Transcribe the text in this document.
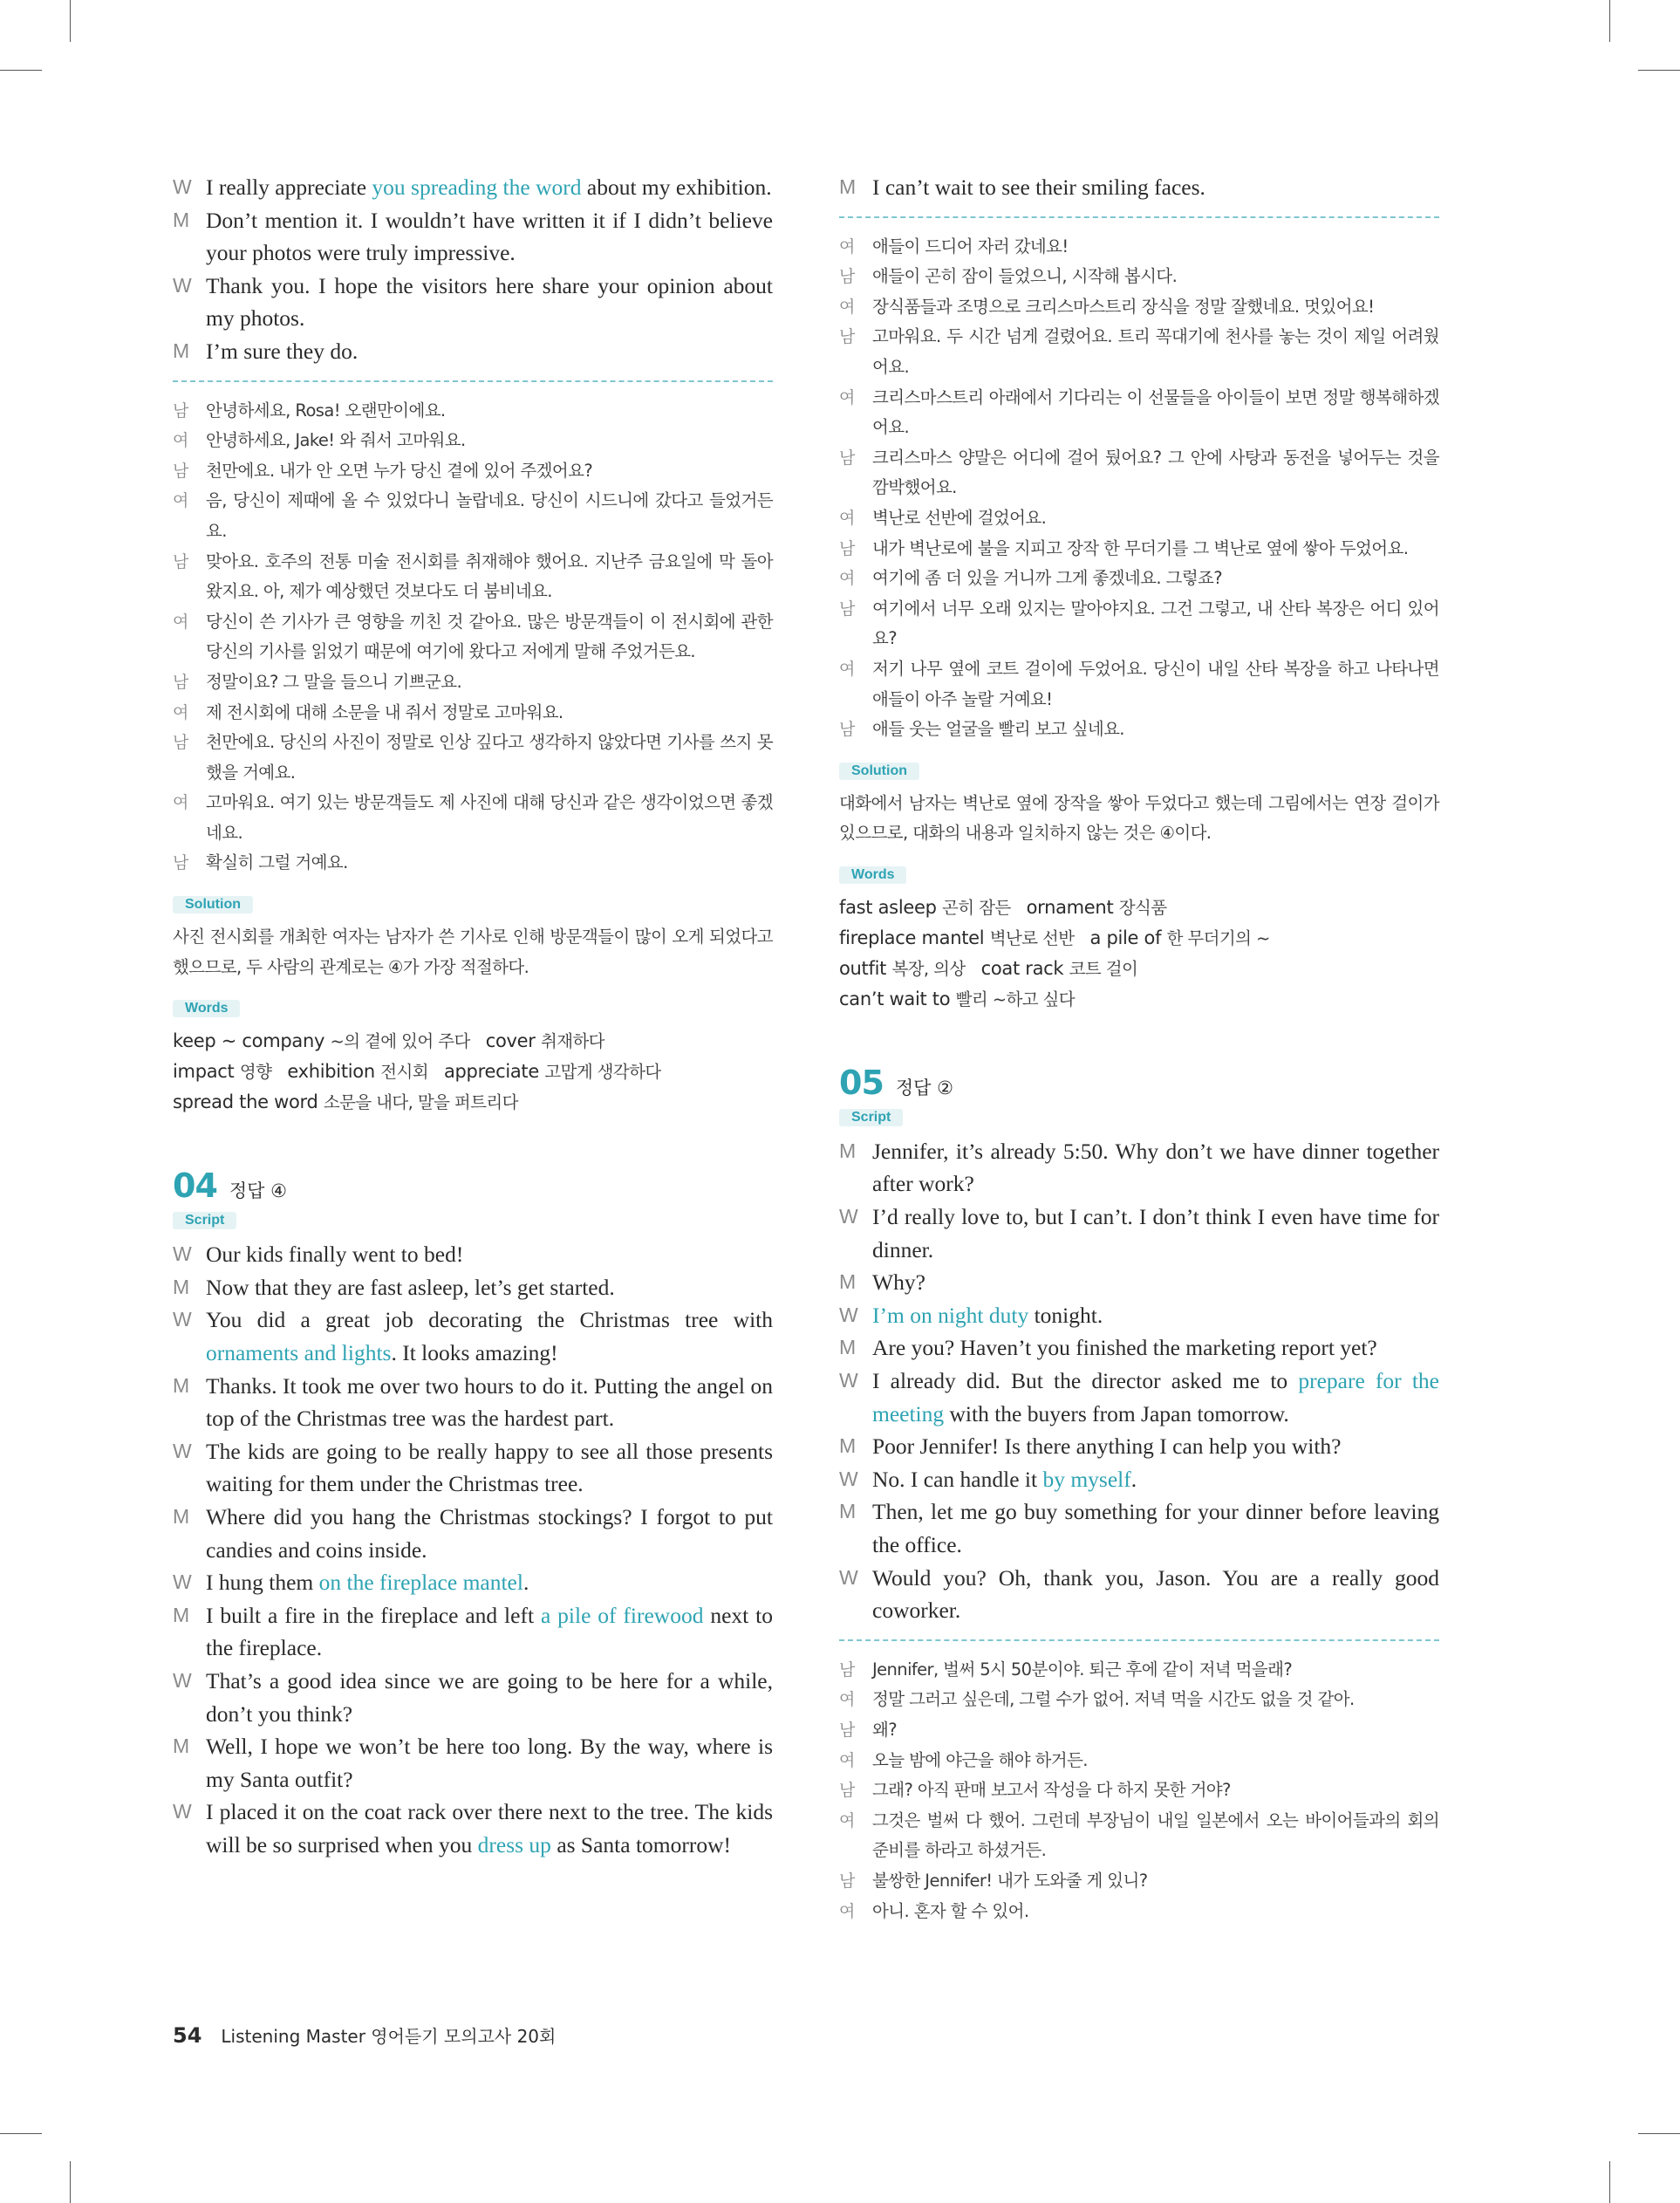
W I really appreciate you spreading the word about my exhibition.
M Don’t mention it. I wouldn’t have written it if I didn’t believe your photos were truly impressive.
W Thank you. I hope the visitors here share your opinion about my photos.
M I’m sure they do.
남 안녕하세요, Rosa! 오랜만이에요.
여 안녕하세요, Jake! 와 줘서 고마워요.
남 천만에요. 내가 안 오면 누가 당신 곁에 있어 주겠어요?
여 음, 당신이 제때에 올 수 있었다니 놀랍네요. 당신이 시드니에 갔다고 들었거든요.
남 맞아요. 호주의 전통 미술 전시회를 취재해야 했어요. 지난주 금요일에 막 돌아왔지요. 아, 제가 예상했던 것보다도 더 붐비네요.
여 당신이 쓴 기사가 큰 영향을 끼친 것 같아요. 많은 방문객들이 이 전시회에 관한 당신의 기사를 읽었기 때문에 여기에 왔다고 저에게 말해 주었거든요.
남 정말이요? 그 말을 들으니 기쁘군요.
여 제 전시회에 대해 소문을 내 줘서 정말로 고마워요.
남 천만에요. 당신의 사진이 정말로 인상 깊다고 생각하지 않았다면 기사를 쓰지 못했을 거예요.
여 고마워요. 여기 있는 방문객들도 제 사진에 대해 당신과 같은 생각이었으면 좋겠네요.
남 확실히 그럴 거예요.
Solution
사진 전시회를 개최한 여자는 남자가 쓴 기사로 인해 방문객들이 많이 오게 되었다고 했으므로, 두 사람의 관계로는 ④가 가장 적절하다.
Words
keep ~ company ~의 곁에 있어 주다 cover 취재하다
impact 영향 exhibition 전시회 appreciate 고맙게 생각하다
spread the word 소문을 내다, 말을 퍼트리다
04 정답 ④
Script
W Our kids finally went to bed!
M Now that they are fast asleep, let’s get started.
W You did a great job decorating the Christmas tree with ornaments and lights. It looks amazing!
M Thanks. It took me over two hours to do it. Putting the angel on top of the Christmas tree was the hardest part.
W The kids are going to be really happy to see all those presents waiting for them under the Christmas tree.
M Where did you hang the Christmas stockings? I forgot to put candies and coins inside.
W I hung them on the fireplace mantel.
M I built a fire in the fireplace and left a pile of firewood next to the fireplace.
W That’s a good idea since we are going to be here for a while, don’t you think?
M Well, I hope we won’t be here too long. By the way, where is my Santa outfit?
W I placed it on the coat rack over there next to the tree. The kids will be so surprised when you dress up as Santa tomorrow!
M I can’t wait to see their smiling faces.
여 애들이 드디어 자러 갔네요!
남 애들이 곤히 잠이 들었으니, 시작해 봅시다.
여 장식품들과 조명으로 크리스마스트리 장식을 정말 잘했네요. 멋있어요!
남 고마워요. 두 시간 넘게 걸렸어요. 트리 꼭대기에 천사를 놓는 것이 제일 어려웠어요.
여 크리스마스트리 아래에서 기다리는 이 선물들을 아이들이 보면 정말 행복해하겠어요.
남 크리스마스 양말은 어디에 걸어 뒀어요? 그 안에 사탕과 동전을 넣어두는 것을 깜박했어요.
여 벽난로 선반에 걸었어요.
남 내가 벽난로에 불을 지피고 장작 한 무더기를 그 벽난로 옆에 쌓아 두었어요.
여 여기에 좀 더 있을 거니까 그게 좋겠네요. 그렇죠?
남 여기에서 너무 오래 있지는 말아야지요. 그건 그렇고, 내 산타 복장은 어디 있어요?
여 저기 나무 옆에 코트 걸이에 두었어요. 당신이 내일 산타 복장을 하고 나타나면 애들이 아주 놀랄 거예요!
남 애들 웃는 얼굴을 빨리 보고 싶네요.
Solution
대화에서 남자는 벽난로 옆에 장작을 쌓아 두었다고 했는데 그림에서는 연장 걸이가 있으므로, 대화의 내용과 일치하지 않는 것은 ④이다.
Words
fast asleep 곤히 잠든 ornament 장식품
fireplace mantel 벽난로 선반 a pile of 한 무더기의 ~
outfit 복장, 의상 coat rack 코트 걸이
can’t wait to 빨리 ~하고 싶다
05 정답 ②
Script
M Jennifer, it’s already 5:50. Why don’t we have dinner together after work?
W I’d really love to, but I can’t. I don’t think I even have time for dinner.
M Why?
W I’m on night duty tonight.
M Are you? Haven’t you finished the marketing report yet?
W I already did. But the director asked me to prepare for the meeting with the buyers from Japan tomorrow.
M Poor Jennifer! Is there anything I can help you with?
W No. I can handle it by myself.
M Then, let me go buy something for your dinner before leaving the office.
W Would you? Oh, thank you, Jason. You are a really good coworker.
남 Jennifer, 벌써 5시 50분이야. 퇴근 후에 같이 저녁 먹을래?
여 정말 그러고 싶은데, 그럴 수가 없어. 저녁 먹을 시간도 없을 것 같아.
남 왜?
여 오늘 밤에 야근을 해야 하거든.
남 그래? 아직 판매 보고서 작성을 다 하지 못한 거야?
여 그것은 벌써 다 했어. 그런데 부장님이 내일 일본에서 오는 바이어들과의 회의 준비를 하라고 하셨거든.
남 불쌍한 Jennifer! 내가 도와줄 게 있니?
여 아니. 혼자 할 수 있어.
54 Listening Master 영어듣기 모의고사 20회
